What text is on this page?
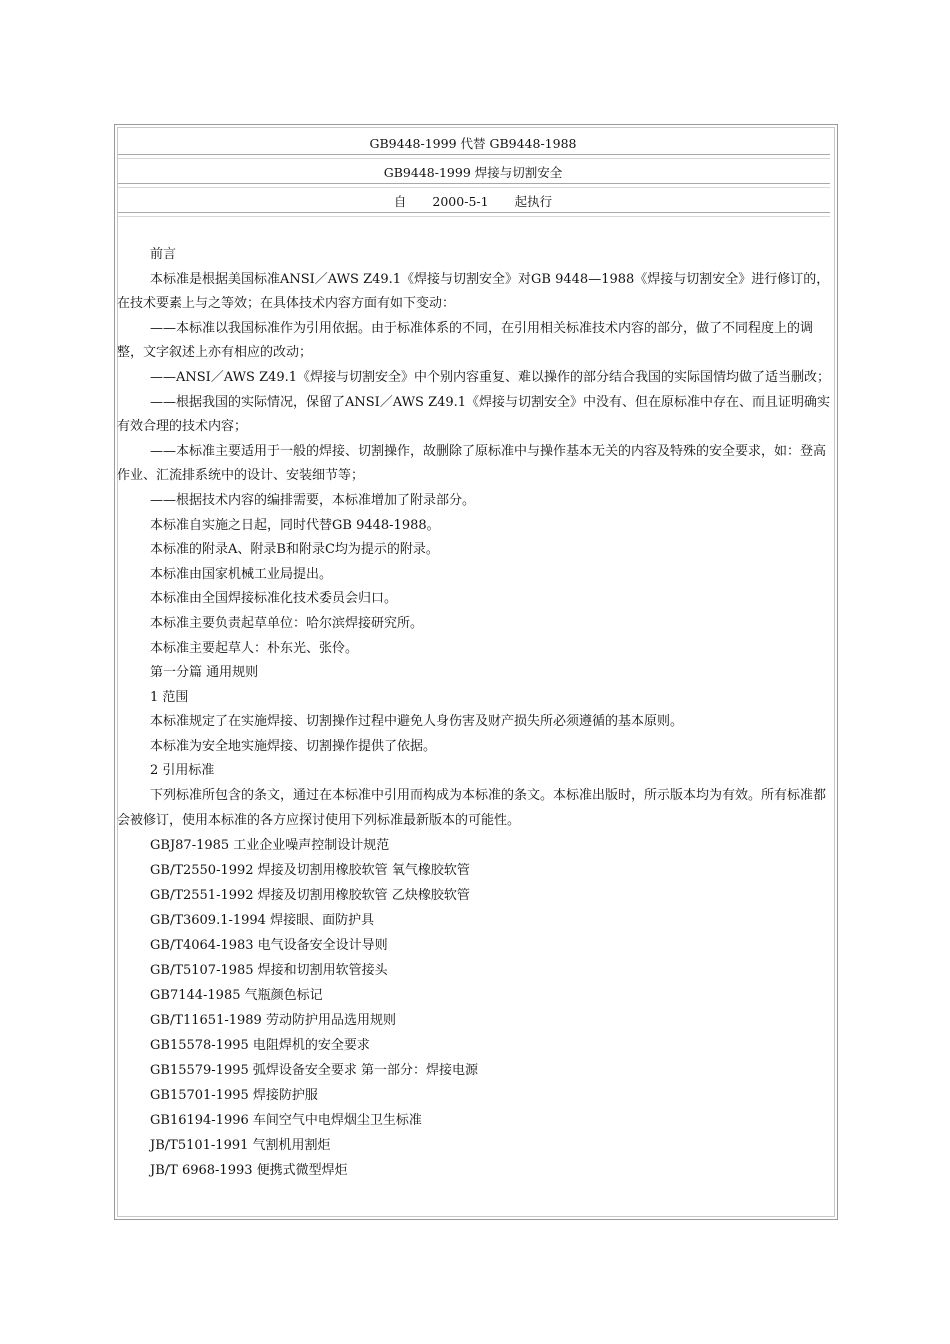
GB9448-1999 代替 GB9448-1988
GB9448-1999 焊接与切割安全
自 2000-5-1 起执行

前言

本标准是根据美国标准ANSI／AWS Z49.1《焊接与切割安全》对GB 9448—1988《焊接与切割安全》进行修订的，在技术要素上与之等效；在具体技术内容方面有如下变动：

——本标准以我国标准作为引用依据。由于标准体系的不同，在引用相关标准技术内容的部分，做了不同程度上的调整，文字叙述上亦有相应的改动；

——ANSI／AWS Z49.1《焊接与切割安全》中个别内容重复、难以操作的部分结合我国的实际国情均做了适当删改；

——根据我国的实际情况，保留了ANSI／AWS Z49.1《焊接与切割安全》中没有、但在原标准中存在、而且证明确实有效合理的技术内容；

——本标准主要适用于一般的焊接、切割操作，故删除了原标准中与操作基本无关的内容及特殊的安全要求，如：登高作业、汇流排系统中的设计、安装细节等；

——根据技术内容的编排需要，本标准增加了附录部分。

本标准自实施之日起，同时代替GB 9448-1988。

本标准的附录A、附录B和附录C均为提示的附录。

本标准由国家机械工业局提出。

本标准由全国焊接标准化技术委员会归口。

本标准主要负责起草单位：哈尔滨焊接研究所。

本标准主要起草人：朴东光、张伶。

第一分篇 通用规则

1 范围

本标准规定了在实施焊接、切割操作过程中避免人身伤害及财产损失所必须遵循的基本原则。

本标准为安全地实施焊接、切割操作提供了依据。

2 引用标准

下列标准所包含的条文，通过在本标准中引用而构成为本标准的条文。本标准出版时，所示版本均为有效。所有标准都会被修订，使用本标准的各方应探讨使用下列标准最新版本的可能性。

GBJ87-1985 工业企业噪声控制设计规范

GB/T2550-1992 焊接及切割用橡胶软管 氧气橡胶软管

GB/T2551-1992 焊接及切割用橡胶软管 乙炔橡胶软管

GB/T3609.1-1994 焊接眼、面防护具

GB/T4064-1983 电气设备安全设计导则

GB/T5107-1985 焊接和切割用软管接头

GB7144-1985 气瓶颜色标记

GB/T11651-1989 劳动防护用品选用规则

GB15578-1995 电阻焊机的安全要求

GB15579-1995 弧焊设备安全要求 第一部分：焊接电源

GB15701-1995 焊接防护服

GB16194-1996 车间空气中电焊烟尘卫生标准

JB/T5101-1991 气割机用割炬

JB/T 6968-1993 便携式微型焊炬
